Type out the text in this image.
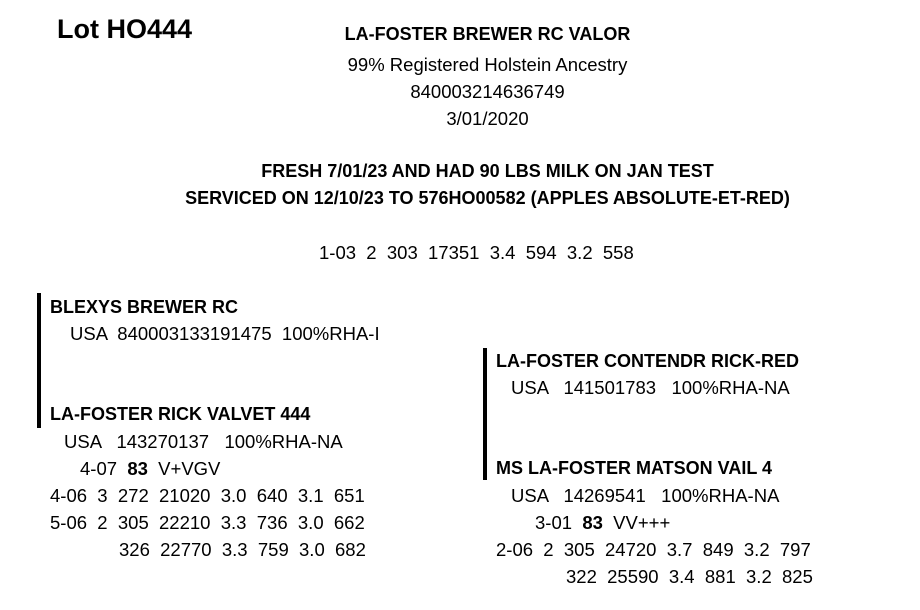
Lot HO444	LA-FOSTER BREWER RC VALOR
99% Registered Holstein Ancestry
840003214636749
3/01/2020
FRESH 7/01/23 AND HAD 90 LBS MILK ON JAN TEST
SERVICED ON 12/10/23 TO 576HO00582 (APPLES ABSOLUTE-ET-RED)
1-03  2  303  17351  3.4  594  3.2  558
BLEXYS BREWER RC
USA  840003133191475  100%RHA-I
LA-FOSTER RICK VALVET 444
USA   143270137   100%RHA-NA
4-07 83 V+VGV
4-06  3  272  21020  3.0  640  3.1  651
5-06  2  305  22210  3.3  736  3.0  662
326  22770  3.3  759  3.0  682
LA-FOSTER CONTENDR RICK-RED
USA   141501783   100%RHA-NA
MS LA-FOSTER MATSON VAIL 4
USA   14269541   100%RHA-NA
3-01 83 VV+++
2-06  2  305  24720  3.7  849  3.2  797
322  25590  3.4  881  3.2  825
